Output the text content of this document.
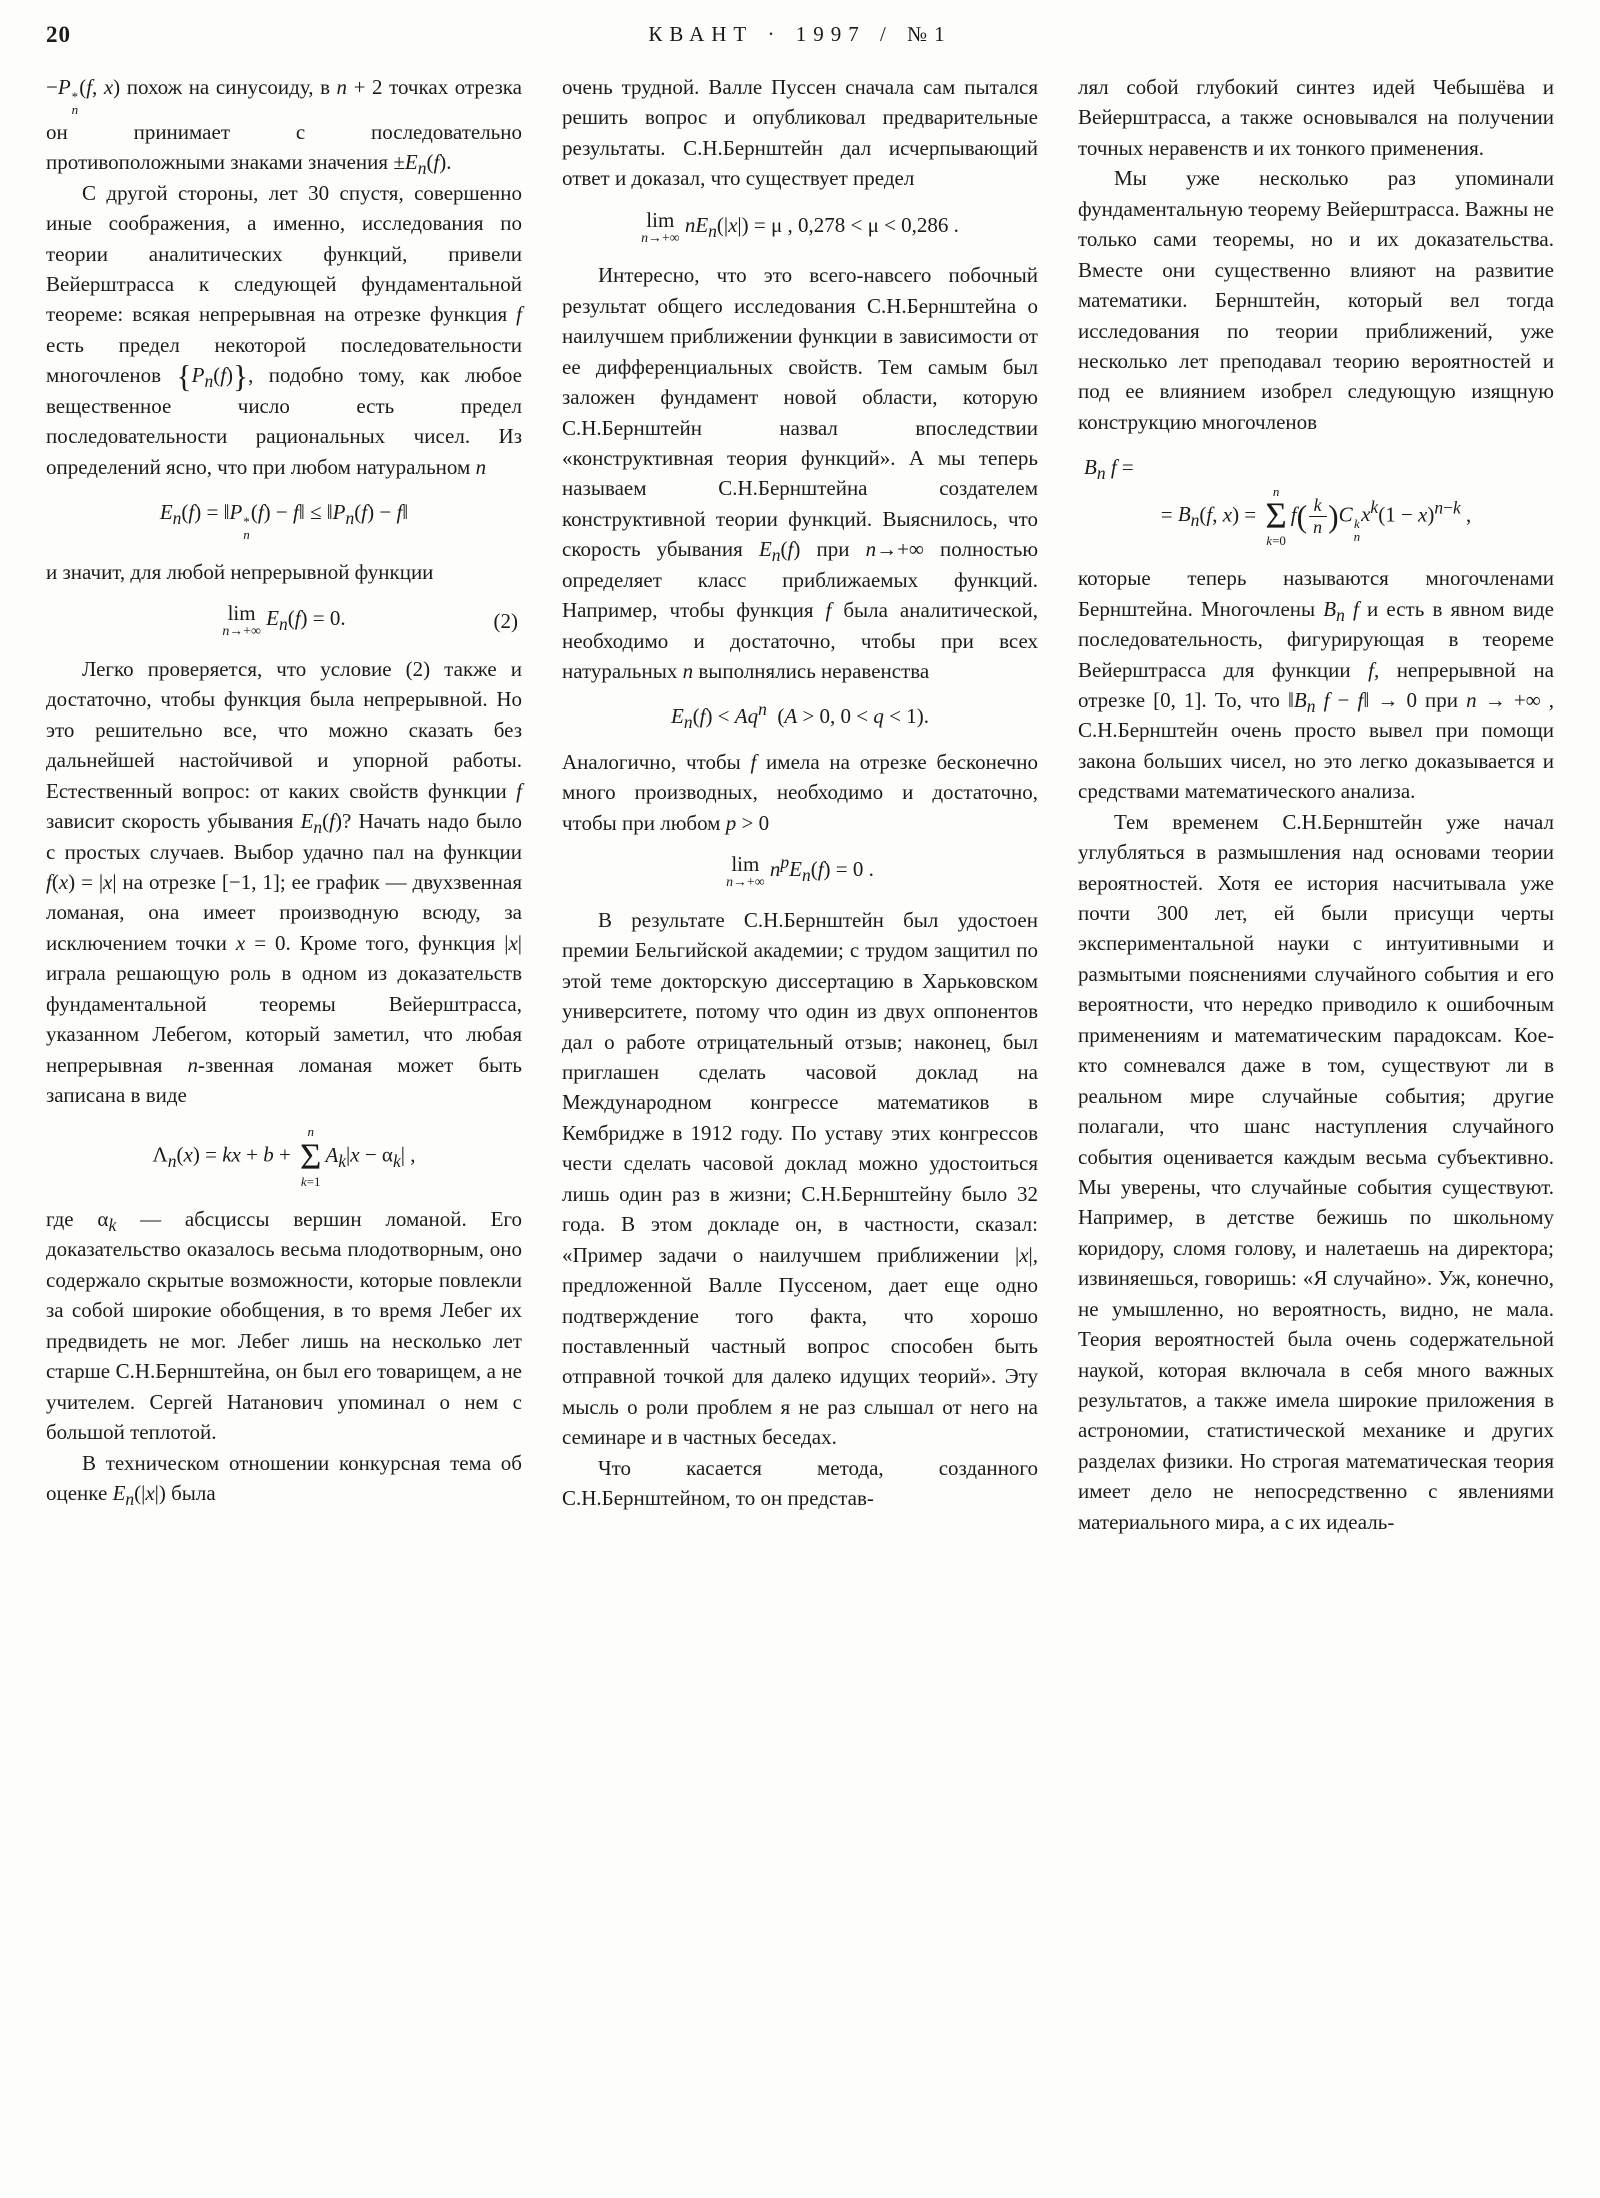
20	КВАНТ · 1997 / №1
−P *
n
(f, x) похож на синусоиду, в n + 2 точках отрезка он принимает с последовательно противоположными знаками значения $\pm E_n(f)$.
С другой стороны, лет 30 спустя, совершенно иные соображения, а именно, исследования по теории аналитических функций, привели Вейерштрасса к следующей фундаментальной теореме: всякая непрерывная на отрезке функция f есть предел некоторой последовательности многочленов $\{P_n(f)\}$, подобно тому, как любое вещественное число есть предел последовательности рациональных чисел. Из определений ясно, что при любом натуральном n
$E_n(f)$ = ‖P *
n
(f) − f‖ ≤ $‖P_n(f)$ − f‖
и значит, для любой непрерывной функции
lim
n→+∞
$E_n(f) = 0$.	(2)
Легко проверяется, что условие (2) также и достаточно, чтобы функция была непрерывной. Но это решительно все, что можно сказать без дальнейшей настойчивой и упорной работы. Естественный вопрос: от каких свойств функции f зависит скорость убывания $E_n(f)$? Начать надо было с простых случаев. Выбор удачно пал на функции f(x) = |x| на отрезке [−1, 1]; ее график — двухзвенная ломаная, она имеет производную всюду, за исключением точки x = 0. Кроме того, функция |x| играла решающую роль в одном из доказательств фундаментальной теоремы Вейерштрасса, указанном Лебегом, который заметил, что любая непрерывная n-звенная ломаная может быть записана в виде
$\Lambda_n(x)$ = kx + b +
n
Σ
k=1
$A_k|x - \alpha_k|$ ,
где $\alpha_k$ — абсциссы вершин ломаной. Его доказательство оказалось весьма плодотворным, оно содержало скрытые возможности, которые повлекли за собой широкие обобщения, в то время Лебег их предвидеть не мог. Лебег лишь на несколько лет старше С.Н.Бернштейна, он был его товарищем, а не учителем. Сергей Натанович упоминал о нем с большой теплотой.
В техническом отношении конкурсная тема об оценке $E_n(|x|)$ была
очень трудной. Валле Пуссен сначала сам пытался решить вопрос и опубликовал предварительные результаты. С.Н.Бернштейн дал исчерпывающий ответ и доказал, что существует предел
lim
n→+∞
$nE_n(|x|) = \mu$ , 0,278 < μ < 0,286 .
Интересно, что это всего-навсего побочный результат общего исследования С.Н.Бернштейна о наилучшем приближении функции в зависимости от ее дифференциальных свойств. Тем самым был заложен фундамент новой области, которую С.Н.Бернштейн назвал впоследствии «конструктивная теория функций». А мы теперь называем С.Н.Бернштейна создателем конструктивной теории функций. Выяснилось, что скорость убывания $E_n(f)$ при n→+∞ полностью определяет класс приближаемых функций. Например, чтобы функция f была аналитической, необходимо и достаточно, чтобы при всех натуральных n выполнялись неравенства
$E_n(f) < Aq^n$  (A > 0, 0 < q < 1).
Аналогично, чтобы f имела на отрезке бесконечно много производных, необходимо и достаточно, чтобы при любом p > 0
lim
n→+∞
$n^pE_n(f) = 0$ .
В результате С.Н.Бернштейн был удостоен премии Бельгийской академии; с трудом защитил по этой теме докторскую диссертацию в Харьковском университете, потому что один из двух оппонентов дал о работе отрицательный отзыв; наконец, был приглашен сделать часовой доклад на Международном конгрессе математиков в Кембридже в 1912 году. По уставу этих конгрессов чести сделать часовой доклад можно удостоиться лишь один раз в жизни; С.Н.Бернштейну было 32 года. В этом докладе он, в частности, сказал: «Пример задачи о наилучшем приближении |x|, предложенной Валле Пуссеном, дает еще одно подтверждение того факта, что хорошо поставленный частный вопрос способен быть отправной точкой для далеко идущих теорий». Эту мысль о роли проблем я не раз слышал от него на семинаре и в частных беседах.
Что касается метода, созданного С.Н.Бернштейном, то он представ-
лял собой глубокий синтез идей Чебышёва и Вейерштрасса, а также основывался на получении точных неравенств и их тонкого применения.
Мы уже несколько раз упоминали фундаментальную теорему Вейерштрасса. Важны не только сами теоремы, но и их доказательства. Вместе они существенно влияют на развитие математики. Бернштейн, который вел тогда исследования по теории приближений, уже несколько лет преподавал теорию вероятностей и под ее влиянием изобрел следующую изящную конструкцию многочленов
$B_n$ f =
= $B_n(f$, x) =
n
Σ
k=0
$f( \frac{k}{n} )C$ k
n
$x^k(1 - x)^{n-k}$ ,
которые теперь называются многочленами Бернштейна. Многочлены $B_n$ f и есть в явном виде последовательность, фигурирующая в теореме Вейерштрасса для функции f, непрерывной на отрезке [0, 1]. То, что $‖B_n$ f − f‖ → 0 при n → +∞ , С.Н.Бернштейн очень просто вывел при помощи закона больших чисел, но это легко доказывается и средствами математического анализа.
Тем временем С.Н.Бернштейн уже начал углубляться в размышления над основами теории вероятностей. Хотя ее история насчитывала уже почти 300 лет, ей были присущи черты экспериментальной науки с интуитивными и размытыми пояснениями случайного события и его вероятности, что нередко приводило к ошибочным применениям и математическим парадоксам. Кое-кто сомневался даже в том, существуют ли в реальном мире случайные события; другие полагали, что шанс наступления случайного события оценивается каждым весьма субъективно. Мы уверены, что случайные события существуют. Например, в детстве бежишь по школьному коридору, сломя голову, и налетаешь на директора; извиняешься, говоришь: «Я случайно». Уж, конечно, не умышленно, но вероятность, видно, не мала. Теория вероятностей была очень содержательной наукой, которая включала в себя много важных результатов, а также имела широкие приложения в астрономии, статистической механике и других разделах физики. Но строгая математическая теория имеет дело не непосредственно с явлениями материального мира, а с их идеаль-
